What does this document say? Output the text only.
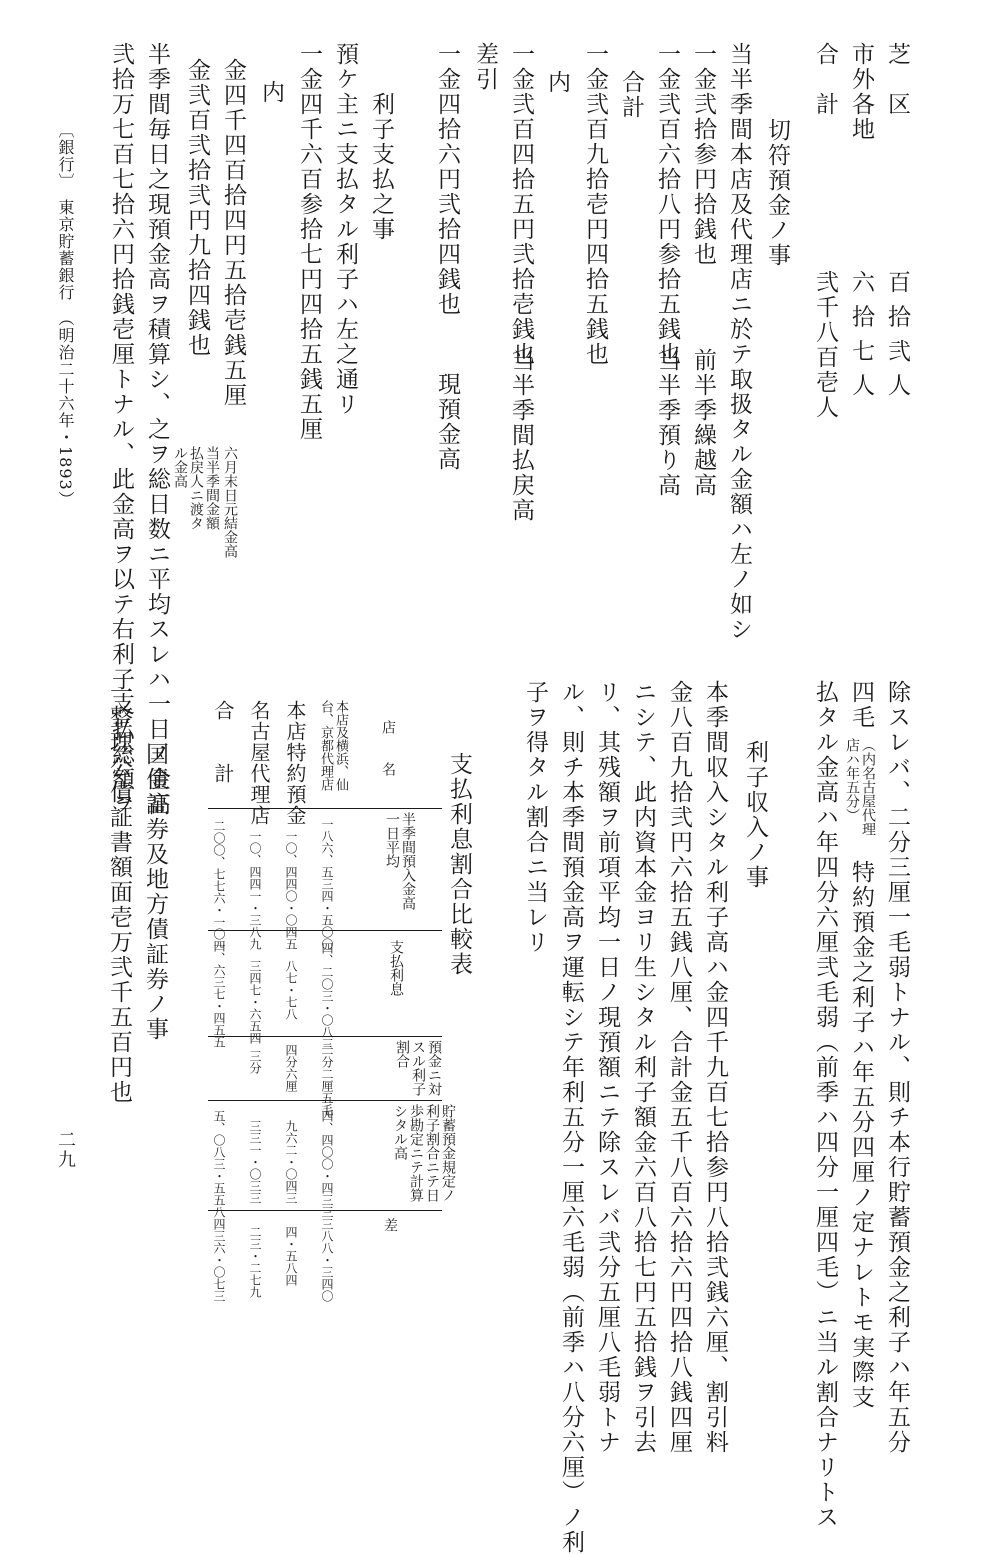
芝　区
百 拾 弐 人
市外各地
六 拾 七 人
合　計
弐千八百壱人
切符預金ノ事
当半季間本店及代理店ニ於テ取扱タル金額ハ左ノ如シ
一金弐拾参円拾銭也
前半季繰越高
一金弐百六拾八円参拾五銭也
当半季預り高
合計
一金弐百九拾壱円四拾五銭也
内
一金弐百四拾五円弐拾壱銭也
当半季間払戻高
差引
一金四拾六円弐拾四銭也
現預金高
利子支払之事
預ケ主ニ支払タル利子ハ左之通リ
一金四千六百参拾七円四拾五銭五厘
内
金四千四百拾四円五拾壱銭五厘
六月末日元結金高
金弐百弐拾弐円九拾四銭也
当半季間金額払戻人ニ渡タル金高
半季間毎日之現預金高ヲ積算シ、之ヲ総日数ニ平均スレハ一日ノ金高
弐拾万七百七拾六円拾銭壱厘トナル、此金高ヲ以テ右利子支払総額ヲ
〔銀行〕　東京貯蓄銀行　（明治二十六年・1893）
除スレバ、二分三厘一毛弱トナル、則チ本行貯蓄預金之利子ハ年五分
四毛
（内名古屋代理店ハ年五分）
特約預金之利子ハ年五分四厘ノ定ナレトモ実際支
払タル金高ハ年四分六厘弐毛弱（前季ハ四分一厘四毛）ニ当ル割合ナリトス
利子収入ノ事
本季間収入シタル利子高ハ金四千九百七拾参円八拾弐銭六厘、割引料
金八百九拾弐円六拾五銭八厘、合計金五千八百六拾六円四拾八銭四厘
ニシテ、此内資本金ヨリ生シタル利子額金六百八拾七円五拾銭ヲ引去
リ、其残額ヲ前項平均一日ノ現預額ニテ除スレバ弐分五厘八毛弱トナ
ル、則チ本季間預金高ヲ運転シテ年利五分一厘六毛弱（前季ハ八分六厘）ノ利
子ヲ得タル割合ニ当レリ
支払利息割合比較表
店　　名
半季間預入金高一日平均
支払利息
預金ニ対スル利子割合
貯蓄預金規定ノ利子割合ニテ日歩勘定ニテ計算シタル高
差
本店及横浜、仙台、京都代理店
一八六、五三四・五〇〇
四、二〇三・〇八三
二分二厘五毛
四、四〇〇・四三三
三八八・三四〇
本店特約預金
一〇、四四〇・〇四五
八七・七八
四分六厘
九六二・〇四三
四・五八四
名古屋代理店
一〇、四四一・三八九
三四七・六五四
三分
三三一・〇三三
二三・二七九
合　　計
二〇〇、七七六・一〇一
四、六三七・四五五
五、〇八三・五五八
四三六・〇七三
国債証券及地方債証券ノ事
一整理公債証書額面壱万弐千五百円也
二九
